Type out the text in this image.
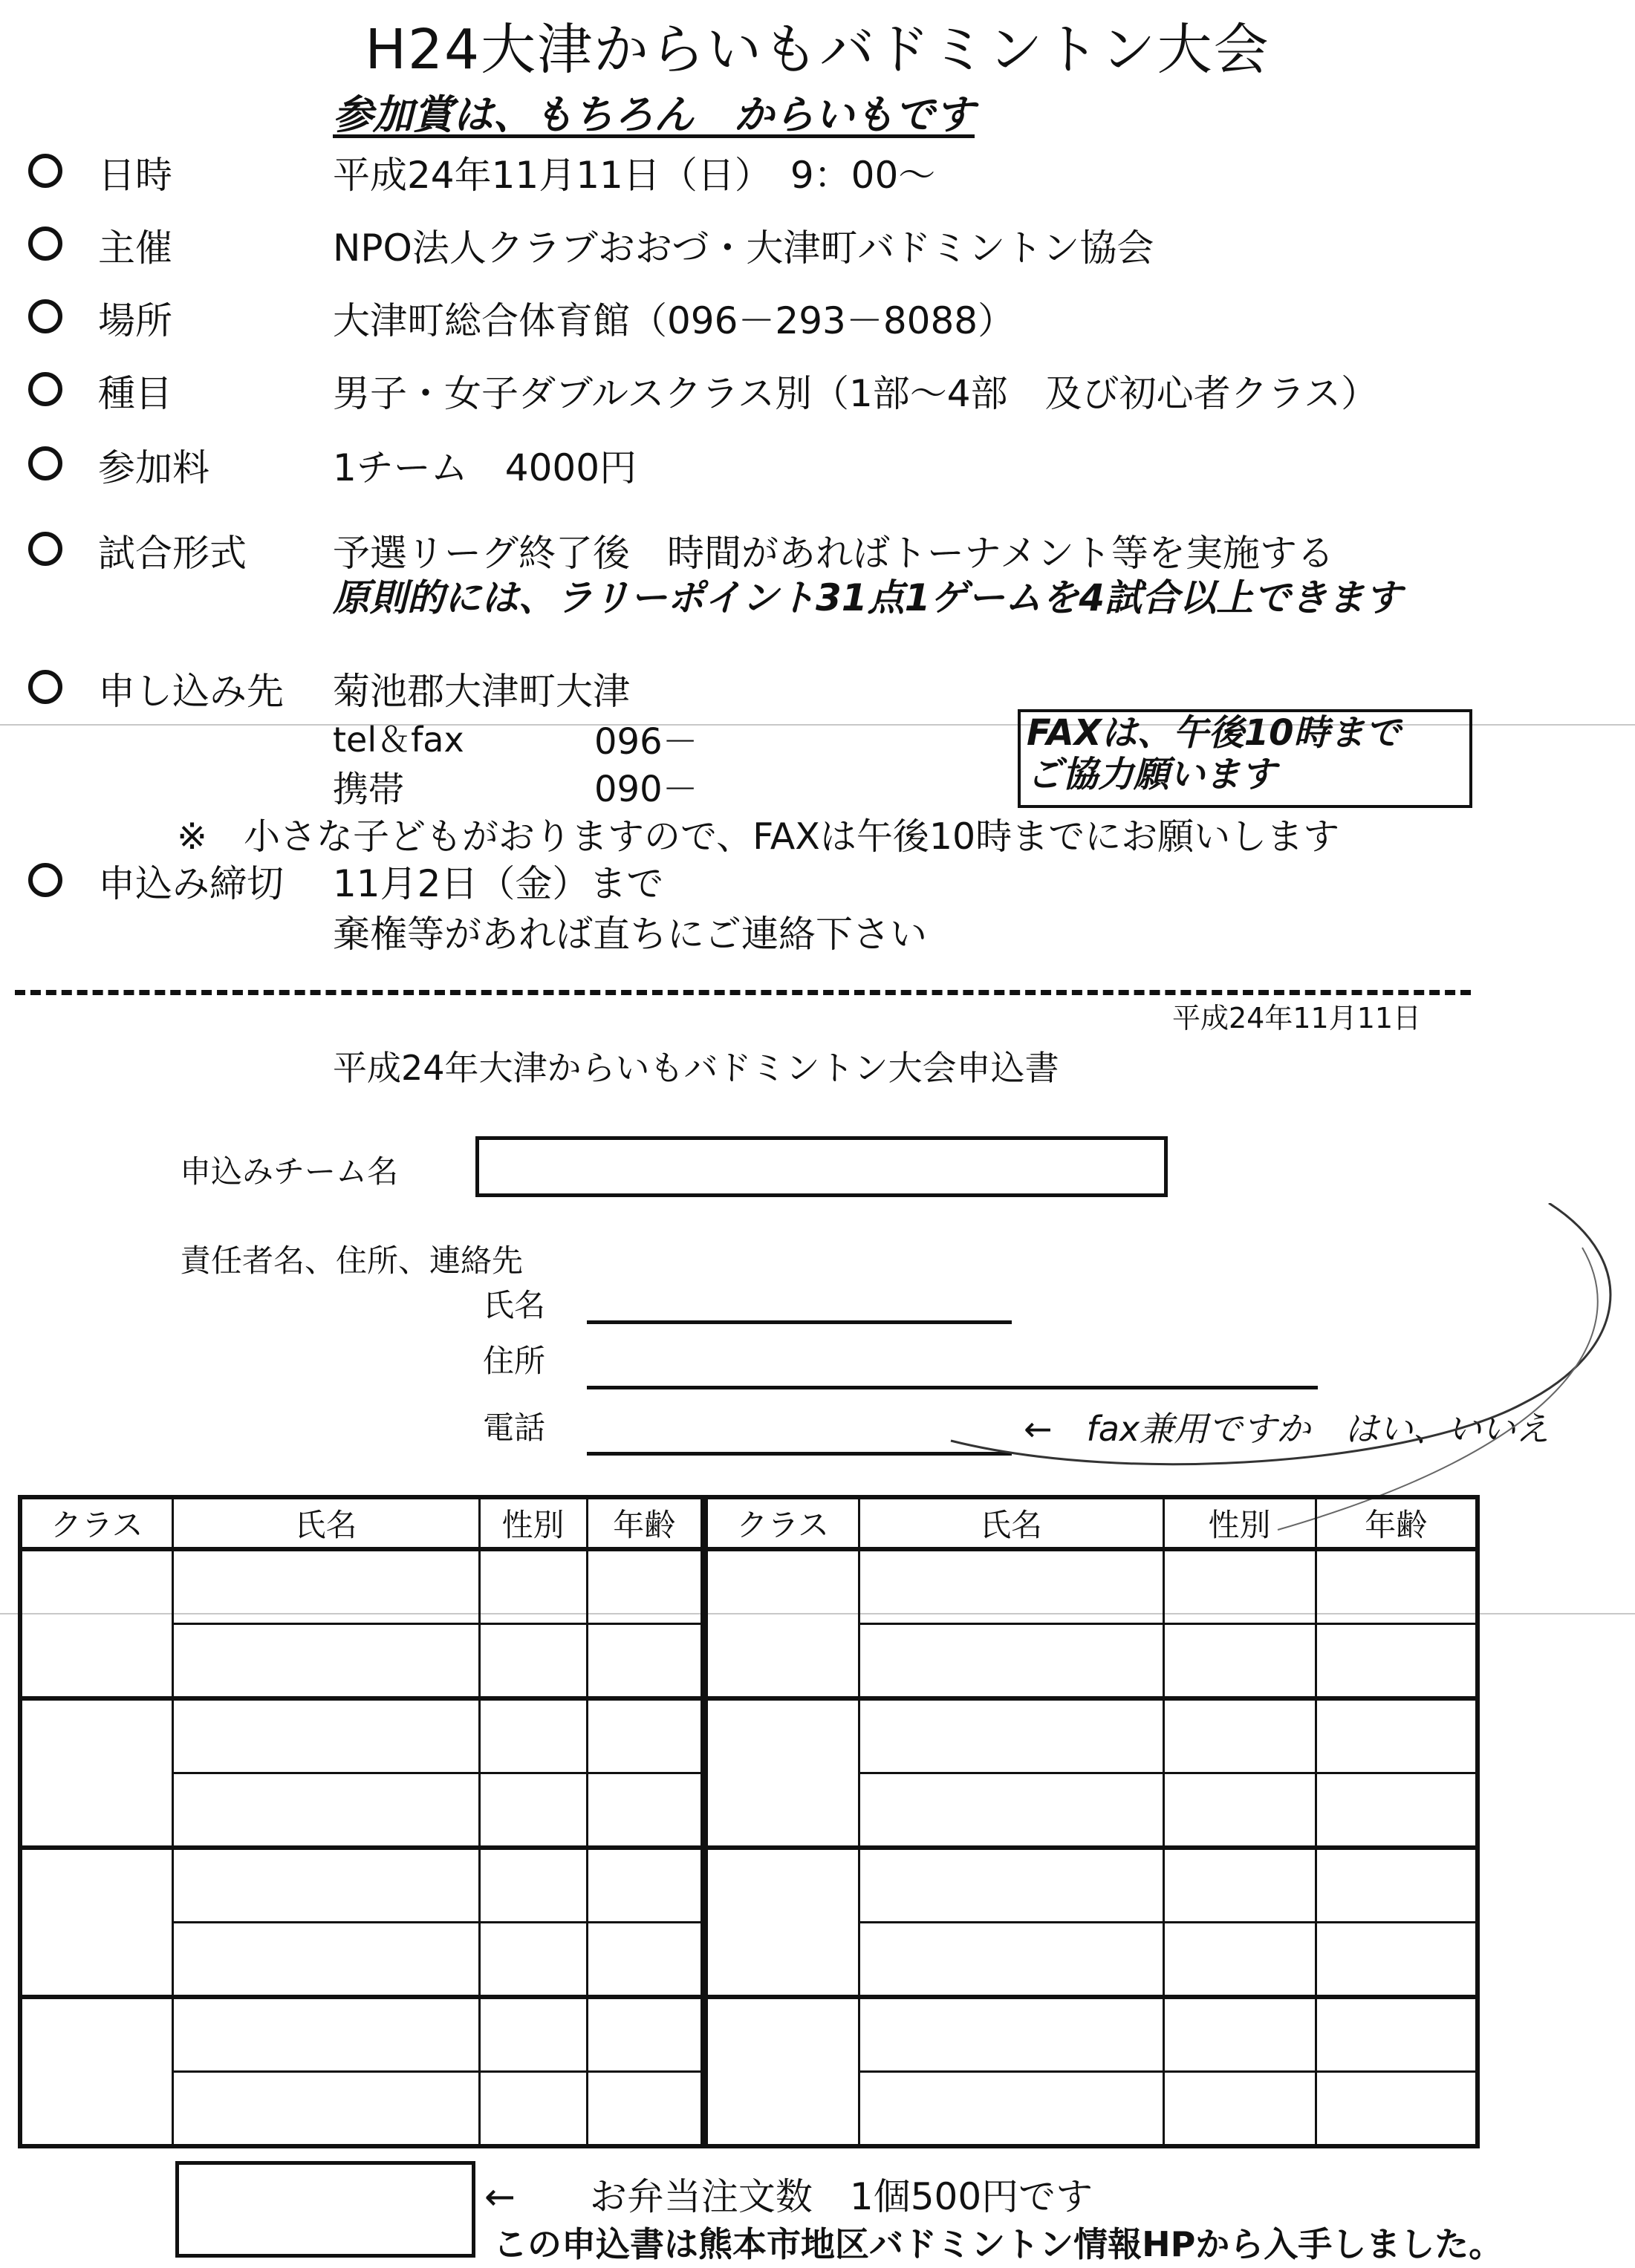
H24大津からいもバドミントン大会
参加賞は、もちろん　からいもです
日時	平成24年11月11日（日）　9：00～
主催	NPO法人クラブおおづ・大津町バドミントン協会
場所	大津町総合体育館（096－293－8088）
種目	男子・女子ダブルスクラス別（1部～4部　及び初心者クラス）
参加料	1チーム　4000円
試合形式 予選リーグ終了後　時間があればトーナメント等を実施する
原則的には、ラリーポイント31点1ゲームを4試合以上できます
申し込み先 菊池郡大津町大津
tel＆fax	096－
携帯	090－
FAXは、午後10時まで
ご協力願います
※　小さな子どもがおりますので、FAXは午後10時までにお願いします
申込み締切 11月2日（金）まで
棄権等があれば直ちにご連絡下さい
平成24年11月11日
平成24年大津からいもバドミントン大会申込書
申込みチーム名
責任者名、住所、連絡先
氏名
住所
電話	←　fax兼用ですか　はい、いいえ
クラス	氏名	性別	年齢	クラス	氏名	性別	年齢

←　　お弁当注文数　1個500円です
この申込書は熊本市地区バドミントン情報HPから入手しました。
